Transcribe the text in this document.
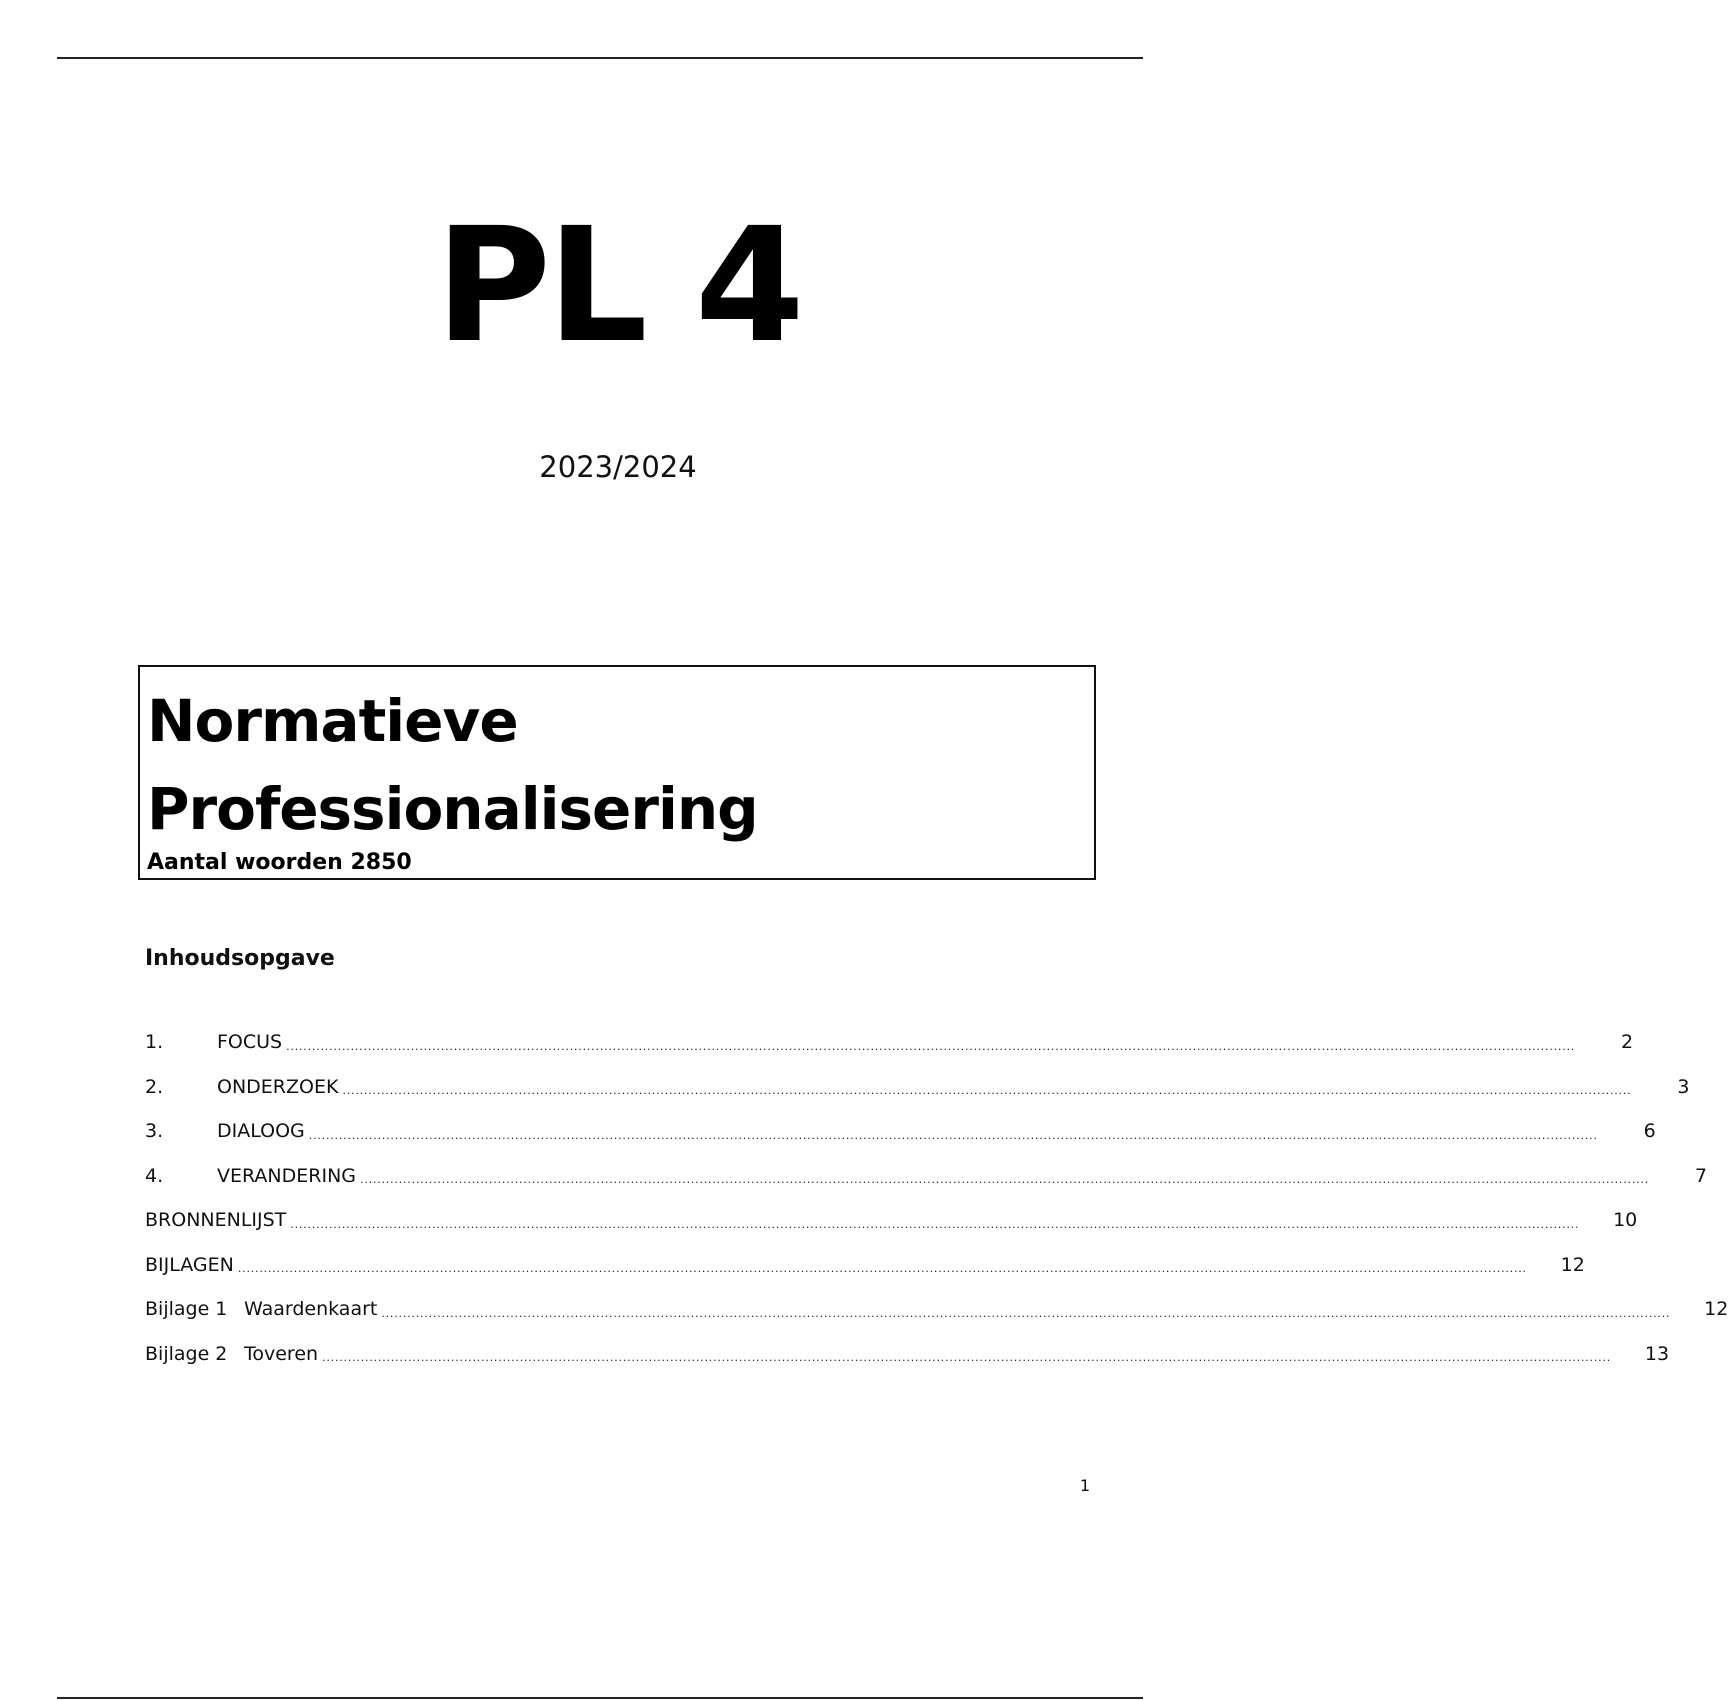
PL 4
2023/2024
Normatieve
Professionalisering
Aantal woorden 2850
Inhoudsopgave
1.	FOCUS ............................................................................................................................................................................................................................................................................................................	2
2.	ONDERZOEK ............................................................................................................................................................................................................................................................................................................	3
3.	DIALOOG ............................................................................................................................................................................................................................................................................................................	6
4.	VERANDERING ............................................................................................................................................................................................................................................................................................................	7
BRONNENLIJST ............................................................................................................................................................................................................................................................................................................	10
BIJLAGEN ............................................................................................................................................................................................................................................................................................................	12
Bijlage 1 Waardenkaart ............................................................................................................................................................................................................................................................................................................	12
Bijlage 2 Toveren ............................................................................................................................................................................................................................................................................................................	13
1
